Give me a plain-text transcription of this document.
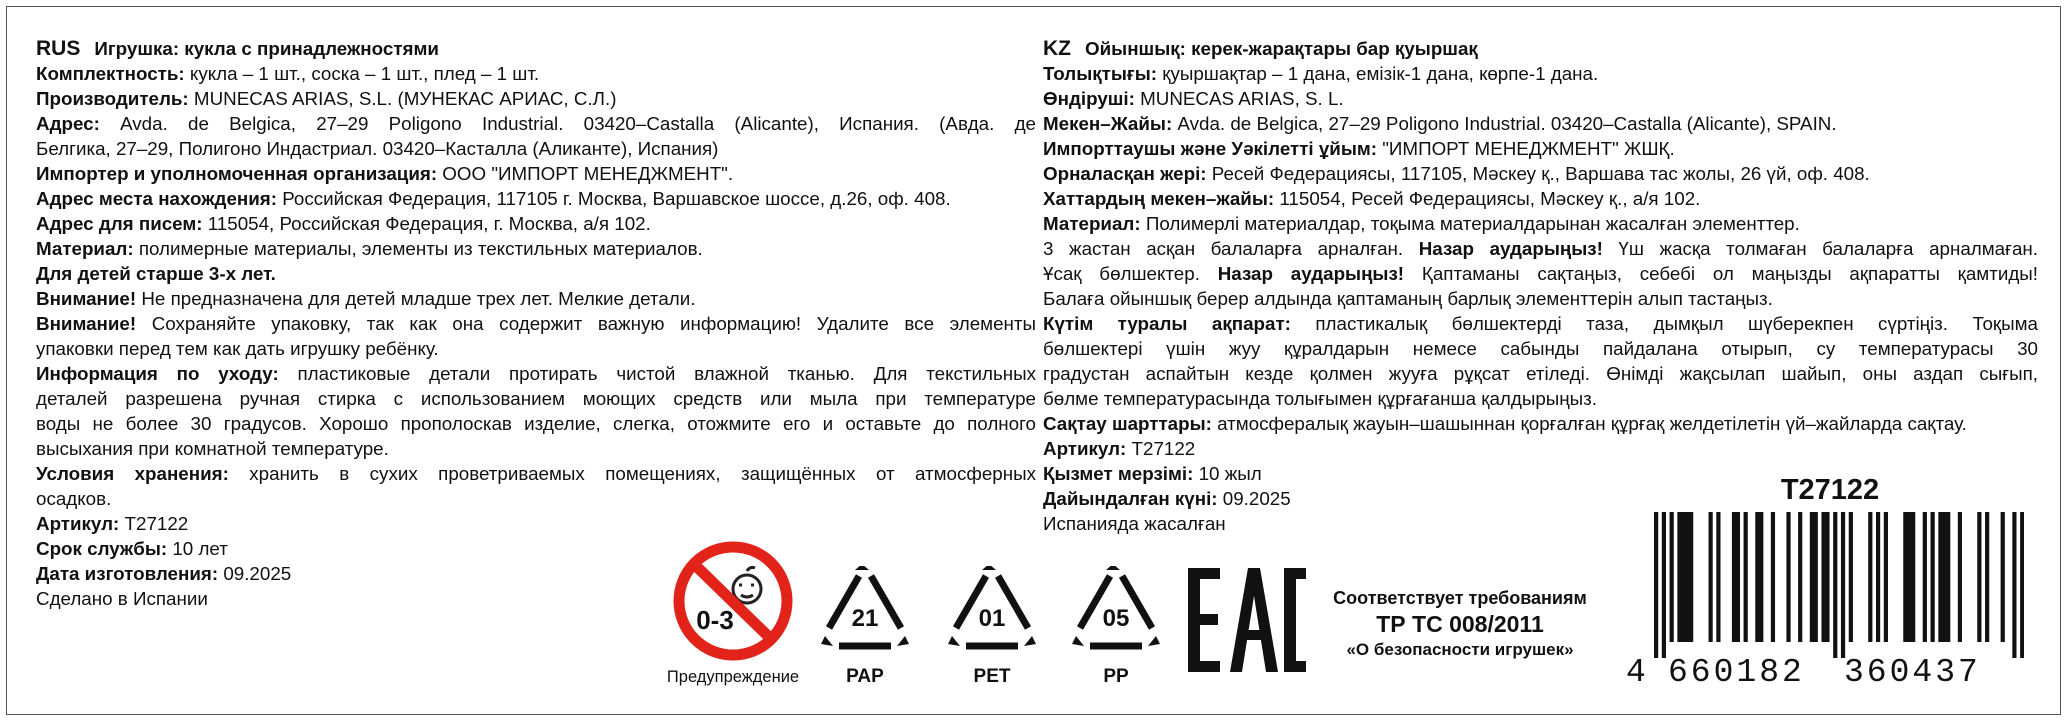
RUS Игрушка: кукла с принадлежностями
Комплектность: кукла – 1 шт., соска – 1 шт., плед – 1 шт.
Производитель: MUNECAS ARIAS, S.L. (МУНЕКАС АРИАС, С.Л.)
Адрес: Avda. de Belgica, 27–29 Poligono Industrial. 03420–Castalla (Alicante), Испания. (Авда. де
Белгика, 27–29, Полигоно Индастриал. 03420–Касталла (Аликанте), Испания)
Импортер и уполномоченная организация: ООО "ИМПОРТ МЕНЕДЖМЕНТ".
Адрес места нахождения: Российская Федерация, 117105 г. Москва, Варшавское шоссе, д.26, оф. 408.
Адрес для писем: 115054, Российская Федерация, г. Москва, а/я 102.
Материал: полимерные материалы, элементы из текстильных материалов.
Для детей старше 3-х лет.
Внимание! Не предназначена для детей младше трех лет. Мелкие детали.
Внимание! Сохраняйте упаковку, так как она содержит важную информацию! Удалите все элементы
упаковки перед тем как дать игрушку ребёнку.
Информация по уходу: пластиковые детали протирать чистой влажной тканью. Для текстильных
деталей разрешена ручная стирка с использованием моющих средств или мыла при температуре
воды не более 30 градусов. Хорошо прополоскав изделие, слегка, отожмите его и оставьте до полного
высыхания при комнатной температуре.
Условия хранения: хранить в сухих проветриваемых помещениях, защищённых от атмосферных
осадков.
Артикул: T27122
Срок службы: 10 лет
Дата изготовления: 09.2025
Сделано в Испании
KZ Ойыншық: керек-жарақтары бар қуыршақ
Толықтығы: қуыршақтар – 1 дана, емізік-1 дана, көрпе-1 дана.
Өндіруші: MUNECAS ARIAS, S. L.
Мекен–Жайы: Avda. de Belgica, 27–29 Poligono Industrial. 03420–Castalla (Alicante), SPAIN.
Импорттаушы және Уәкілетті ұйым: "ИМПОРТ МЕНЕДЖМЕНТ" ЖШҚ.
Орналасқан жері: Ресей Федерациясы, 117105, Мәскеу қ., Варшава тас жолы, 26 үй, оф. 408.
Хаттардың мекен–жайы: 115054, Ресей Федерациясы, Мәскеу қ., а/я 102.
Материал: Полимерлі материалдар, тоқыма материалдарынан жасалған элементтер.
3 жастан асқан балаларға арналған. Назар аударыңыз! Үш жасқа толмаған балаларға арналмаған.
Ұсақ бөлшектер. Назар аударыңыз! Қаптаманы сақтаңыз, себебі ол маңызды ақпаратты қамтиды!
Балаға ойыншық берер алдында қаптаманың барлық элементтерін алып тастаңыз.
Күтім туралы ақпарат: пластикалық бөлшектерді таза, дымқыл шүберекпен сүртіңіз. Тоқыма
бөлшектері үшін жуу құралдарын немесе сабынды пайдалана отырып, су температурасы 30
градустан аспайтын кезде қолмен жууға рұқсат етіледі. Өнімді жақсылап шайып, оны аздап сығып,
бөлме температурасында толығымен құрғағанша қалдырыңыз.
Сақтау шарттары: атмосфералық жауын–шашыннан қорғалған құрғақ желдетілетін үй–жайларда сақтау.
Артикул: T27122
Қызмет мерзімі: 10 жыл
Дайындалған күні: 09.2025
Испанияда жасалған
0-3
Предупреждение
21
PAP
01
PET
05
PP
Соответствует требованиям
ТР ТС 008/2011
«О безопасности игрушек»
T27122
4 660182 360437
